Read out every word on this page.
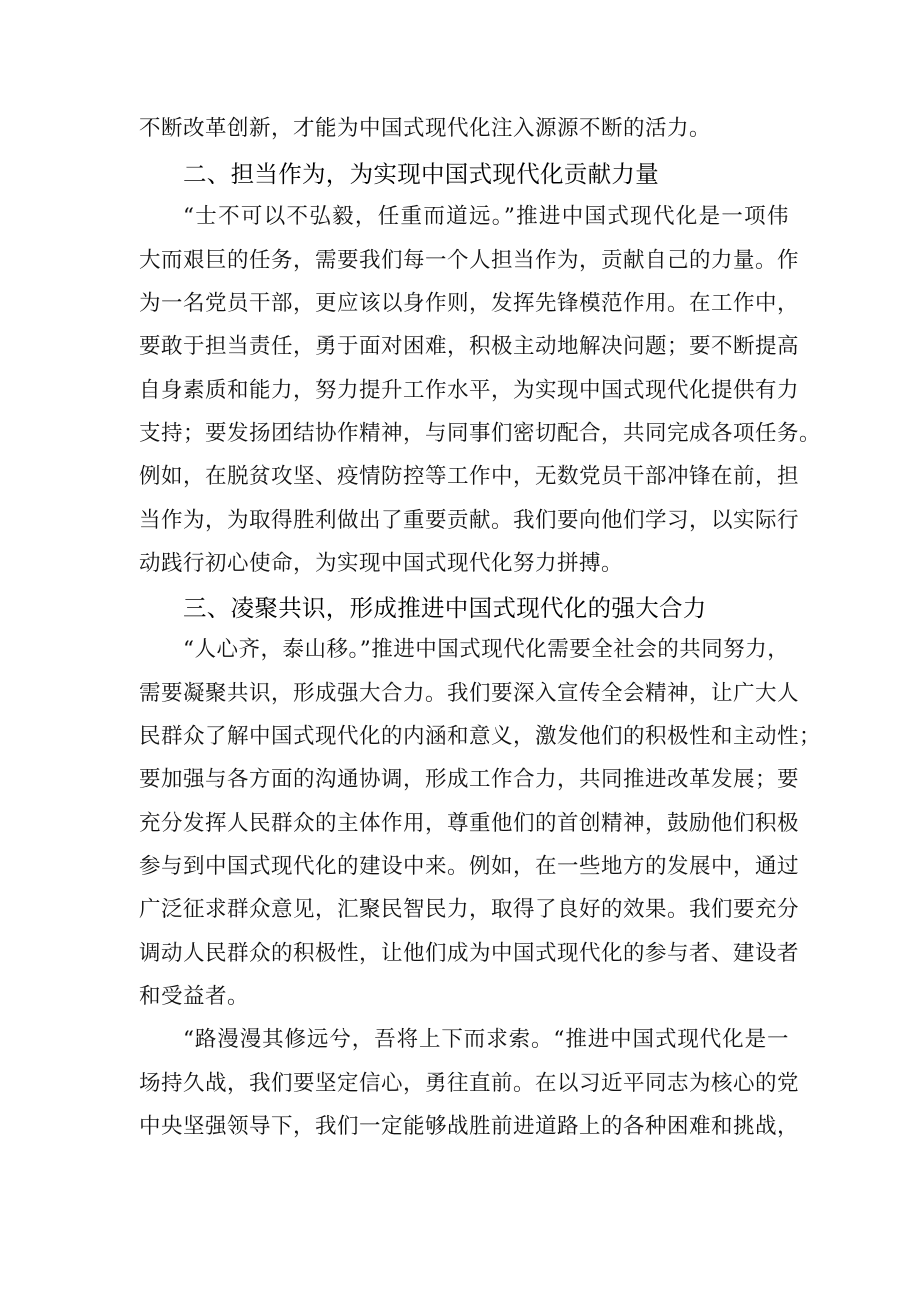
不断改革创新，才能为中国式现代化注入源源不断的活力。
二、担当作为，为实现中国式现代化贡献力量
“士不可以不弘毅，任重而道远。”推进中国式现代化是一项伟
大而艰巨的任务，需要我们每一个人担当作为，贡献自己的力量。作
为一名党员干部，更应该以身作则，发挥先锋模范作用。在工作中，
要敢于担当责任，勇于面对困难，积极主动地解决问题；要不断提高
自身素质和能力，努力提升工作水平，为实现中国式现代化提供有力
支持；要发扬团结协作精神，与同事们密切配合，共同完成各项任务。
例如，在脱贫攻坚、疫情防控等工作中，无数党员干部冲锋在前，担
当作为，为取得胜利做出了重要贡献。我们要向他们学习，以实际行
动践行初心使命，为实现中国式现代化努力拼搏。
三、凌聚共识，形成推进中国式现代化的强大合力
“人心齐，泰山移。”推进中国式现代化需要全社会的共同努力，
需要凝聚共识，形成强大合力。我们要深入宣传全会精神，让广大人
民群众了解中国式现代化的内涵和意义，激发他们的积极性和主动性；
要加强与各方面的沟通协调，形成工作合力，共同推进改革发展；要
充分发挥人民群众的主体作用，尊重他们的首创精神，鼓励他们积极
参与到中国式现代化的建设中来。例如，在一些地方的发展中，通过
广泛征求群众意见，汇聚民智民力，取得了良好的效果。我们要充分
调动人民群众的积极性，让他们成为中国式现代化的参与者、建设者
和受益者。
“路漫漫其修远兮，吾将上下而求索。“推进中国式现代化是一
场持久战，我们要坚定信心，勇往直前。在以习近平同志为核心的党
中央坚强领导下，我们一定能够战胜前进道路上的各种困难和挑战，
